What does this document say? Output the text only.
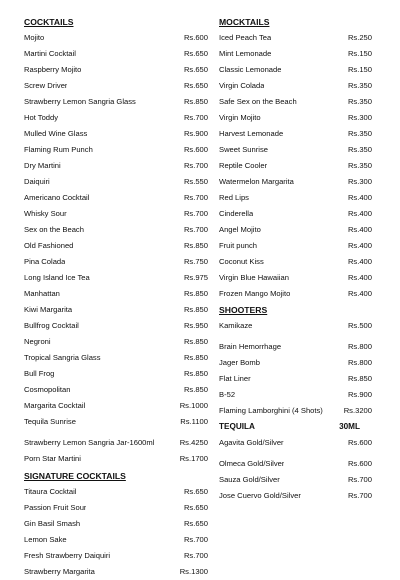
COCKTAILS
Mojito	Rs.600
Martini Cocktail	Rs.650
Raspberry Mojito	Rs.650
Screw Driver	Rs.650
Strawberry Lemon Sangria Glass	Rs.850
Hot Toddy	Rs.700
Mulled Wine Glass	Rs.900
Flaming Rum Punch	Rs.600
Dry Martini	Rs.700
Daiquiri	Rs.550
Americano Cocktail	Rs.700
Whisky Sour	Rs.700
Sex on the Beach	Rs.700
Old Fashioned	Rs.850
Pina Colada	Rs.750
Long Island Ice Tea	Rs.975
Manhattan	Rs.850
Kiwi Margarita	Rs.850
Bullfrog Cocktail	Rs.950
Negroni	Rs.850
Tropical Sangria Glass	Rs.850
Bull Frog	Rs.850
Cosmopolitan	Rs.850
Margarita Cocktail	Rs.1000
Tequila Sunrise	Rs.1100
Strawberry Lemon Sangria Jar-1600ml	Rs.4250
Porn Star Martini	Rs.1700
SIGNATURE COCKTAILS
Titaura Cocktail	Rs.650
Passion Fruit Sour	Rs.650
Gin Basil Smash	Rs.650
Lemon Sake	Rs.700
Fresh Strawberry Daiquiri	Rs.700
Strawberry Margarita	Rs.1300
MOCKTAILS
Iced Peach Tea	Rs.250
Mint Lemonade	Rs.150
Classic Lemonade	Rs.150
Virgin Colada	Rs.350
Safe Sex on the Beach	Rs.350
Virgin Mojito	Rs.300
Harvest Lemonade	Rs.350
Sweet Sunrise	Rs.350
Reptile Cooler	Rs.350
Watermelon Margarita	Rs.300
Red Lips	Rs.400
Cinderella	Rs.400
Angel Mojito	Rs.400
Fruit punch	Rs.400
Coconut Kiss	Rs.400
Virgin Blue Hawaiian	Rs.400
Frozen Mango Mojito	Rs.400
SHOOTERS
Kamikaze	Rs.500
Brain Hemorrhage	Rs.800
Jager Bomb	Rs.800
Flat Liner	Rs.850
B-52	Rs.900
Flaming Lamborghini (4 Shots)	Rs.3200
TEQUILA	30ML
Agavita Gold/Silver	Rs.600
Olmeca Gold/Silver	Rs.600
Sauza Gold/Silver	Rs.700
Jose Cuervo Gold/Silver	Rs.700
